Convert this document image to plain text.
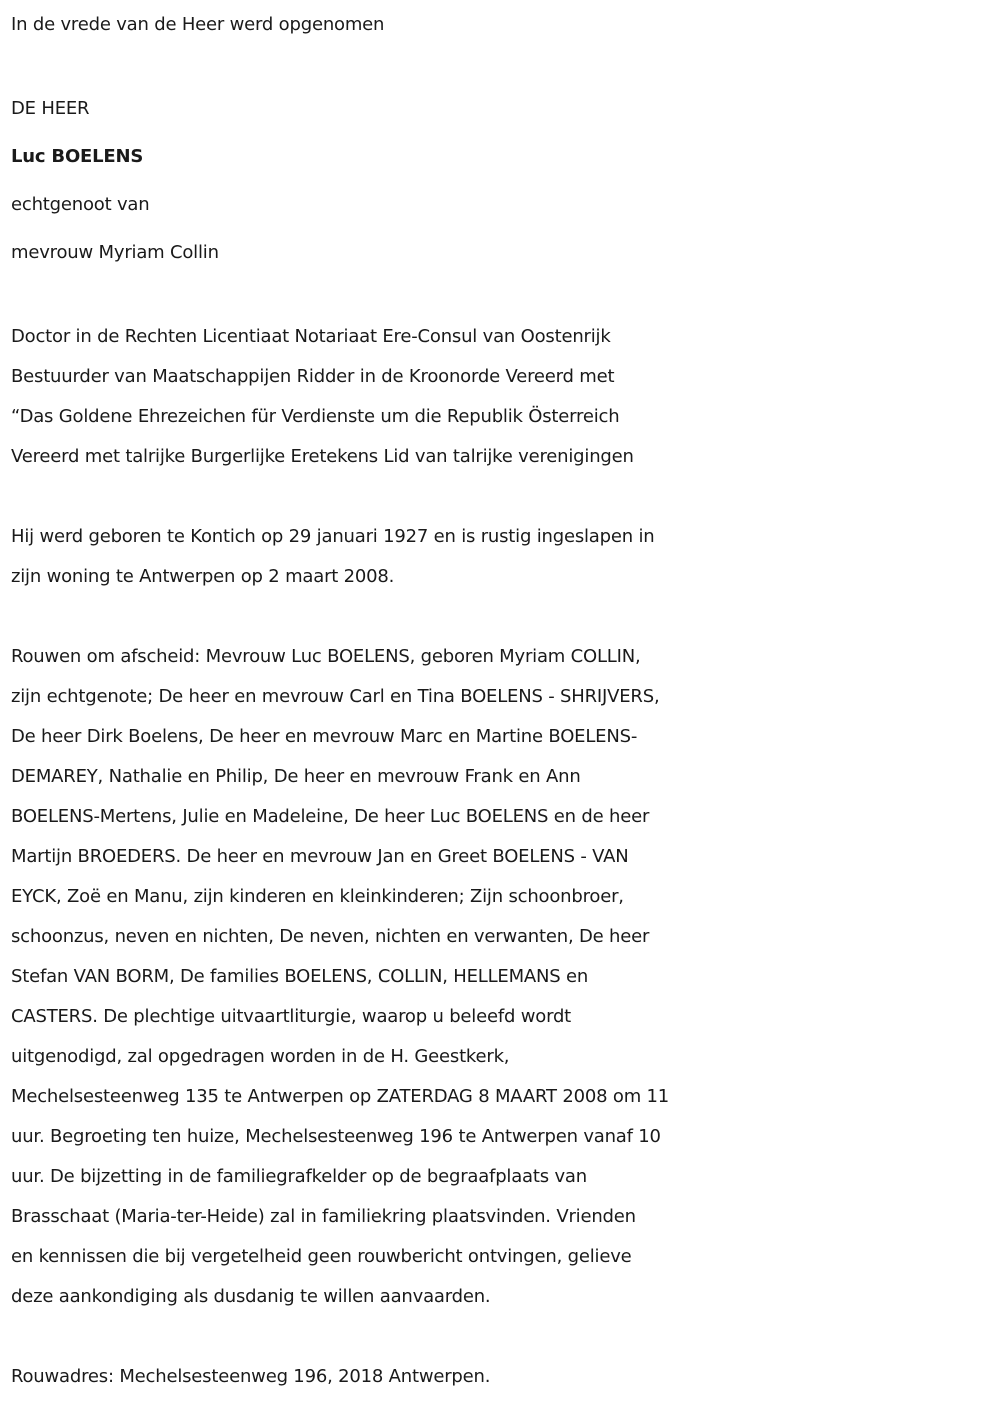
In de vrede van de Heer werd opgenomen
DE HEER
Luc BOELENS
echtgenoot van
mevrouw Myriam Collin
Doctor in de Rechten Licentiaat Notariaat Ere-Consul van Oostenrijk
Bestuurder van Maatschappijen Ridder in de Kroonorde Vereerd met
“Das Goldene Ehrezeichen für Verdienste um die Republik Österreich
Vereerd met talrijke Burgerlijke Eretekens Lid van talrijke verenigingen
Hij werd geboren te Kontich op 29 januari 1927 en is rustig ingeslapen in
zijn woning te Antwerpen op 2 maart 2008.
Rouwen om afscheid: Mevrouw Luc BOELENS, geboren Myriam COLLIN,
zijn echtgenote; De heer en mevrouw Carl en Tina BOELENS - SHRIJVERS,
De heer Dirk Boelens, De heer en mevrouw Marc en Martine BOELENS-
DEMAREY, Nathalie en Philip, De heer en mevrouw Frank en Ann
BOELENS-Mertens, Julie en Madeleine, De heer Luc BOELENS en de heer
Martijn BROEDERS. De heer en mevrouw Jan en Greet BOELENS - VAN
EYCK, Zoë en Manu, zijn kinderen en kleinkinderen; Zijn schoonbroer,
schoonzus, neven en nichten, De neven, nichten en verwanten, De heer
Stefan VAN BORM, De families BOELENS, COLLIN, HELLEMANS en
CASTERS. De plechtige uitvaartliturgie, waarop u beleefd wordt
uitgenodigd, zal opgedragen worden in de H. Geestkerk,
Mechelsesteenweg 135 te Antwerpen op ZATERDAG 8 MAART 2008 om 11
uur. Begroeting ten huize, Mechelsesteenweg 196 te Antwerpen vanaf 10
uur. De bijzetting in de familiegrafkelder op de begraafplaats van
Brasschaat (Maria-ter-Heide) zal in familiekring plaatsvinden. Vrienden
en kennissen die bij vergetelheid geen rouwbericht ontvingen, gelieve
deze aankondiging als dusdanig te willen aanvaarden.
Rouwadres: Mechelsesteenweg 196, 2018 Antwerpen.
